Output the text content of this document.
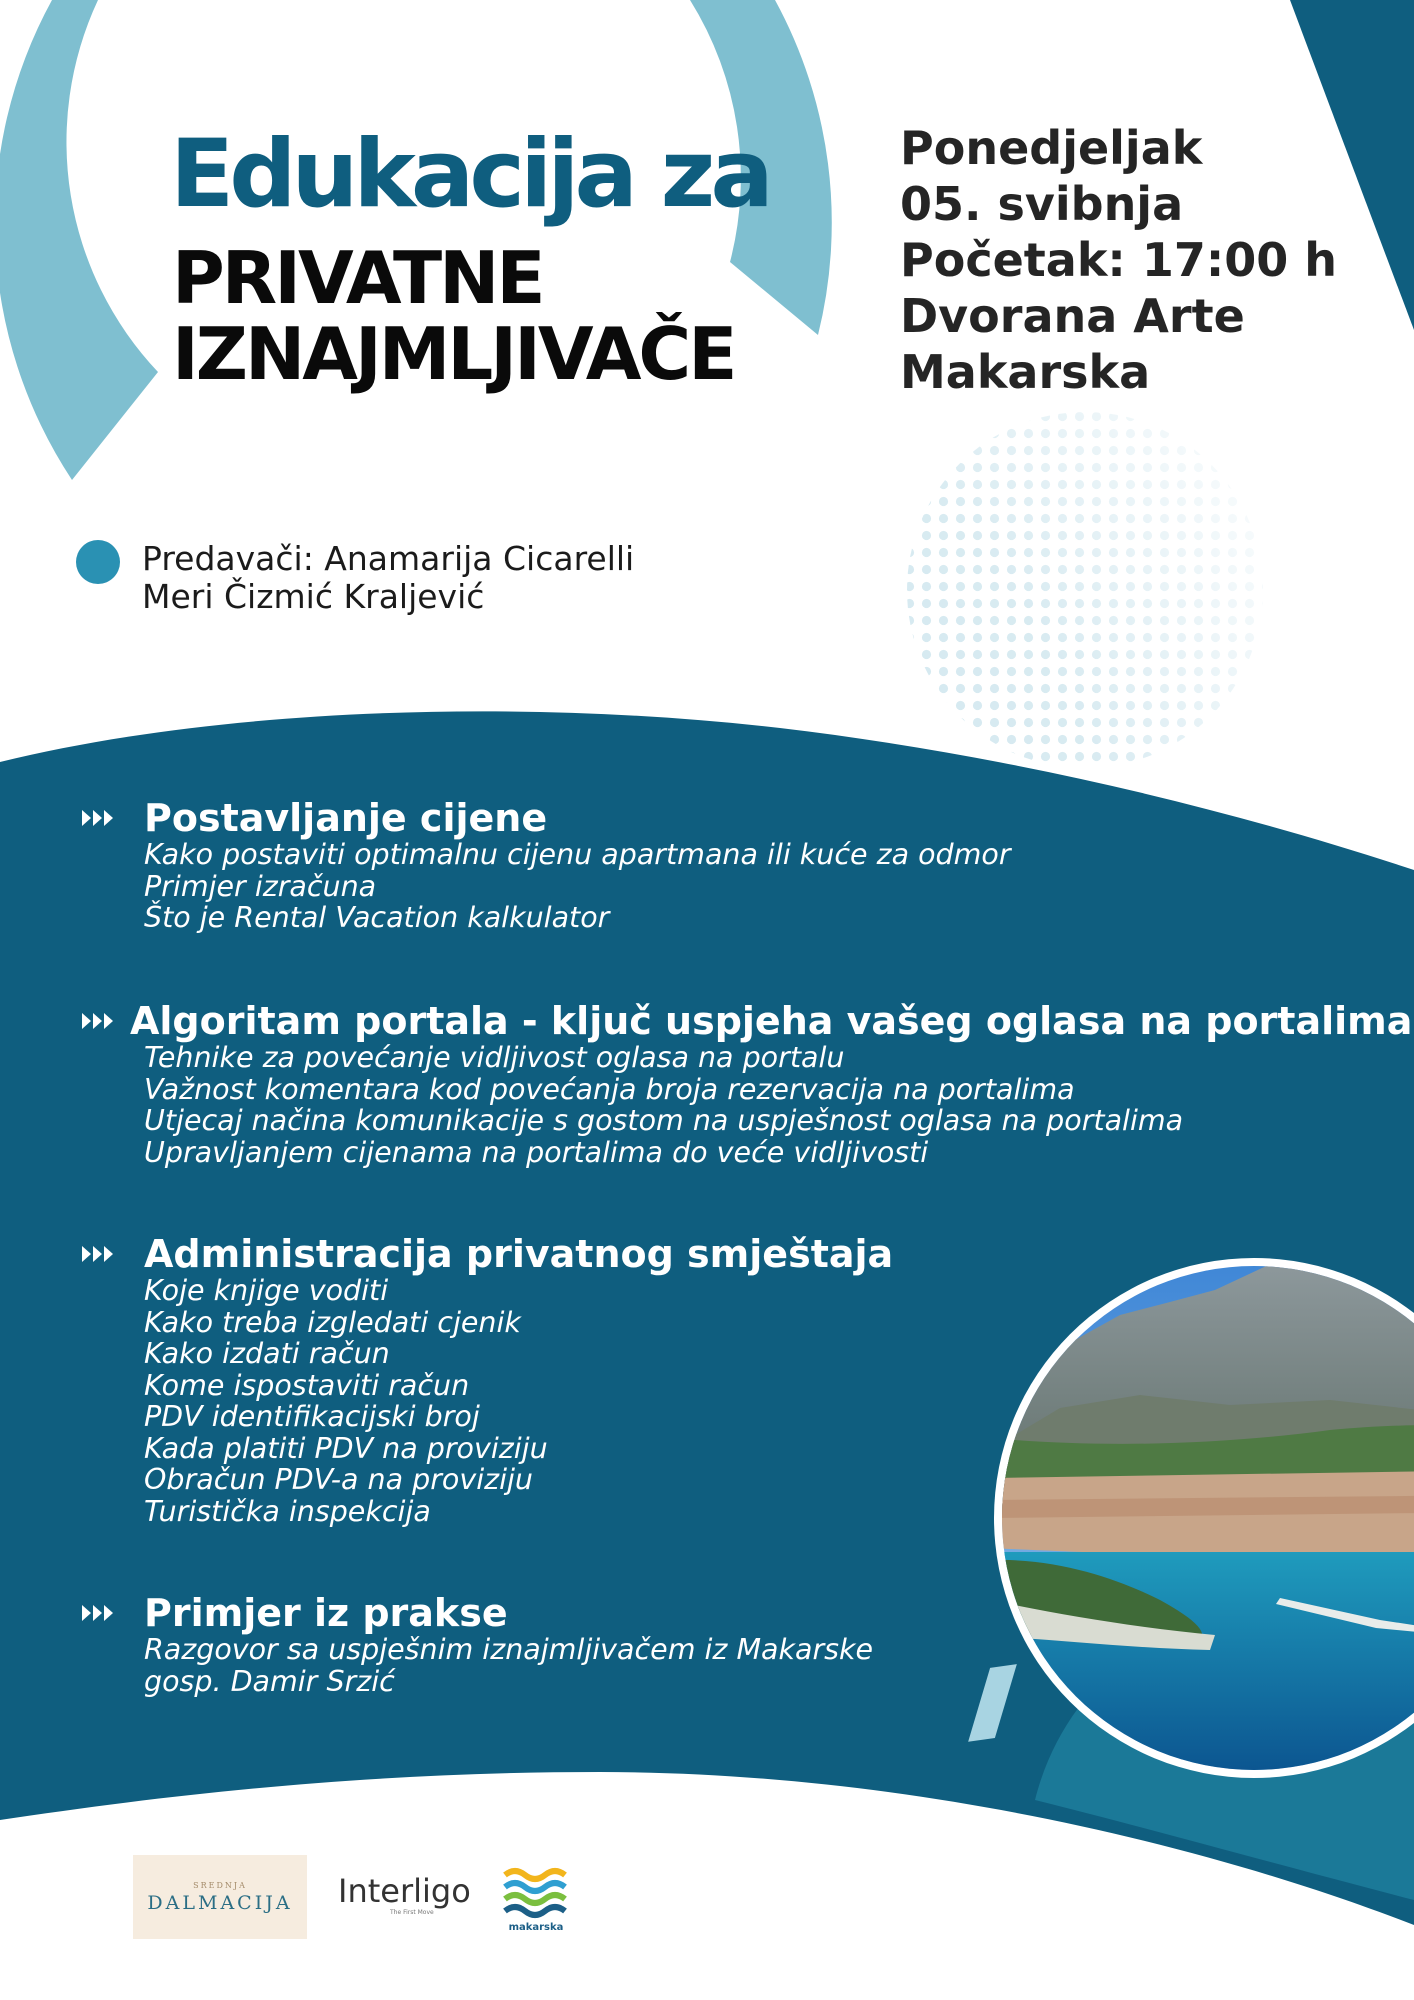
Edukacija za
PRIVATNE
IZNAJMLJIVAČE
Ponedjeljak
05. svibnja
Početak: 17:00 h
Dvorana Arte
Makarska
Predavači: Anamarija Cicarelli
Meri Čizmić Kraljević
Postavljanje cijene
Kako postaviti optimalnu cijenu apartmana ili kuće za odmor
Primjer izračuna
Što je Rental Vacation kalkulator
Algoritam portala - ključ uspjeha vašeg oglasa na portalima
Tehnike za povećanje vidljivost oglasa na portalu
Važnost komentara kod povećanja broja rezervacija na portalima
Utjecaj načina komunikacije s gostom na uspješnost oglasa na portalima
Upravljanjem cijenama na portalima do veće vidljivosti
Administracija privatnog smještaja
Koje knjige voditi
Kako treba izgledati cjenik
Kako izdati račun
Kome ispostaviti račun
PDV identifikacijski broj
Kada platiti PDV na proviziju
Obračun PDV-a na proviziju
Turistička inspekcija
Primjer iz prakse
Razgovor sa uspješnim iznajmljivačem iz Makarske
gosp. Damir Srzić
SREDNJA
DALMACIJA Interligo
The First Move
makarska
